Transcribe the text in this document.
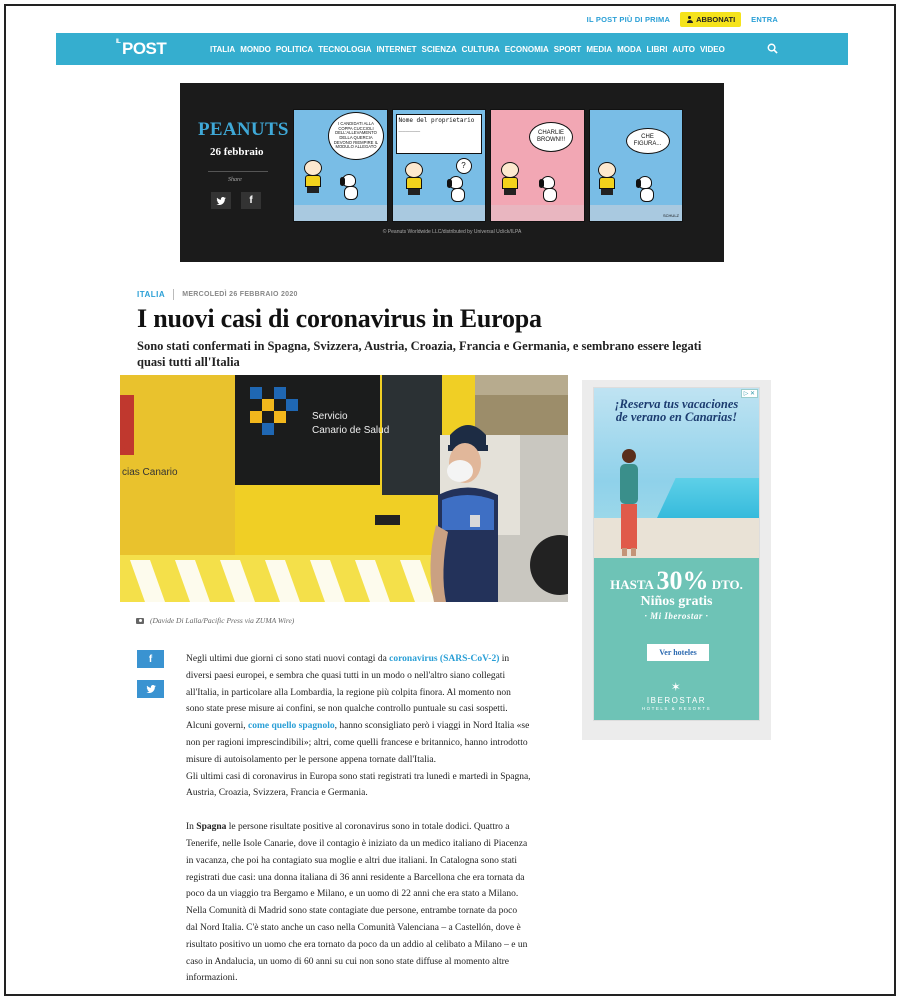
IL POST PIÙ DI PRIMA	ABBONATI ENTRA
IL POST	ITALIA MONDO POLITICA TECNOLOGIA INTERNET SCIENZA CULTURA ECONOMIA SPORT MEDIA MODA LIBRI AUTO VIDEO
PEANUTS
26 febbraio
Share
f
I CANDIDATI ALLA COPPA CUCCIOLI DELL'ALLEVAMENTO DELLA QUERCIA DEVONO RIEMPIRE IL MODULO ALLEGATO
Nome del proprietario ______
?
CHARLIE BROWN!!!	CHE FIGURA...
SCHULZ
© Peanuts Worldwide LLC/distributed by Universal Uclick/ILPA
ITALIA MERCOLEDÌ 26 FEBBRAIO 2020
I nuovi casi di coronavirus in Europa
Sono stati confermati in Spagna, Svizzera, Austria, Croazia, Francia e Germania, e sembrano essere legati quasi tutti all'Italia
C
cias Canario
Servicio
Canario de Salud
(Davide Di Lalla/Pacific Press via ZUMA Wire)
f	Negli ultimi due giorni ci sono stati nuovi contagi da coronavirus (SARS-CoV-2) in diversi paesi europei, e sembra che quasi tutti in un modo o nell'altro siano collegati all'Italia, in particolare alla Lombardia, la regione più colpita finora. Al momento non sono state prese misure ai confini, se non qualche controllo puntuale su casi sospetti. Alcuni governi, come quello spagnolo, hanno sconsigliato però i viaggi in Nord Italia «se non per ragioni imprescindibili»; altri, come quelli francese e britannico, hanno introdotto misure di autoisolamento per le persone appena tornate dall'Italia.

Gli ultimi casi di coronavirus in Europa sono stati registrati tra lunedì e martedì in Spagna, Austria, Croazia, Svizzera, Francia e Germania.

In Spagna le persone risultate positive al coronavirus sono in totale dodici. Quattro a Tenerife, nelle Isole Canarie, dove il contagio è iniziato da un medico italiano di Piacenza in vacanza, che poi ha contagiato sua moglie e altri due italiani. In Catalogna sono stati registrati due casi: una donna italiana di 36 anni residente a Barcellona che era tornata da poco da un viaggio tra Bergamo e Milano, e un uomo di 22 anni che era stato a Milano. Nella Comunità di Madrid sono state contagiate due persone, entrambe tornate da poco dal Nord Italia. C'è stato anche un caso nella Comunità Valenciana – a Castellón, dove è risultato positivo un uomo che era tornato da poco da un addio al celibato a Milano – e un caso in Andalucia, un uomo di 60 anni su cui non sono state diffuse al momento altre informazioni.

▷ ✕
¡Reserva tus vacaciones
de verano en Canarias!
HASTA 30% DTO.
Niños gratis
· Mi Iberostar ·
Ver hoteles
✶
IBEROSTAR
HOTELS & RESORTS
